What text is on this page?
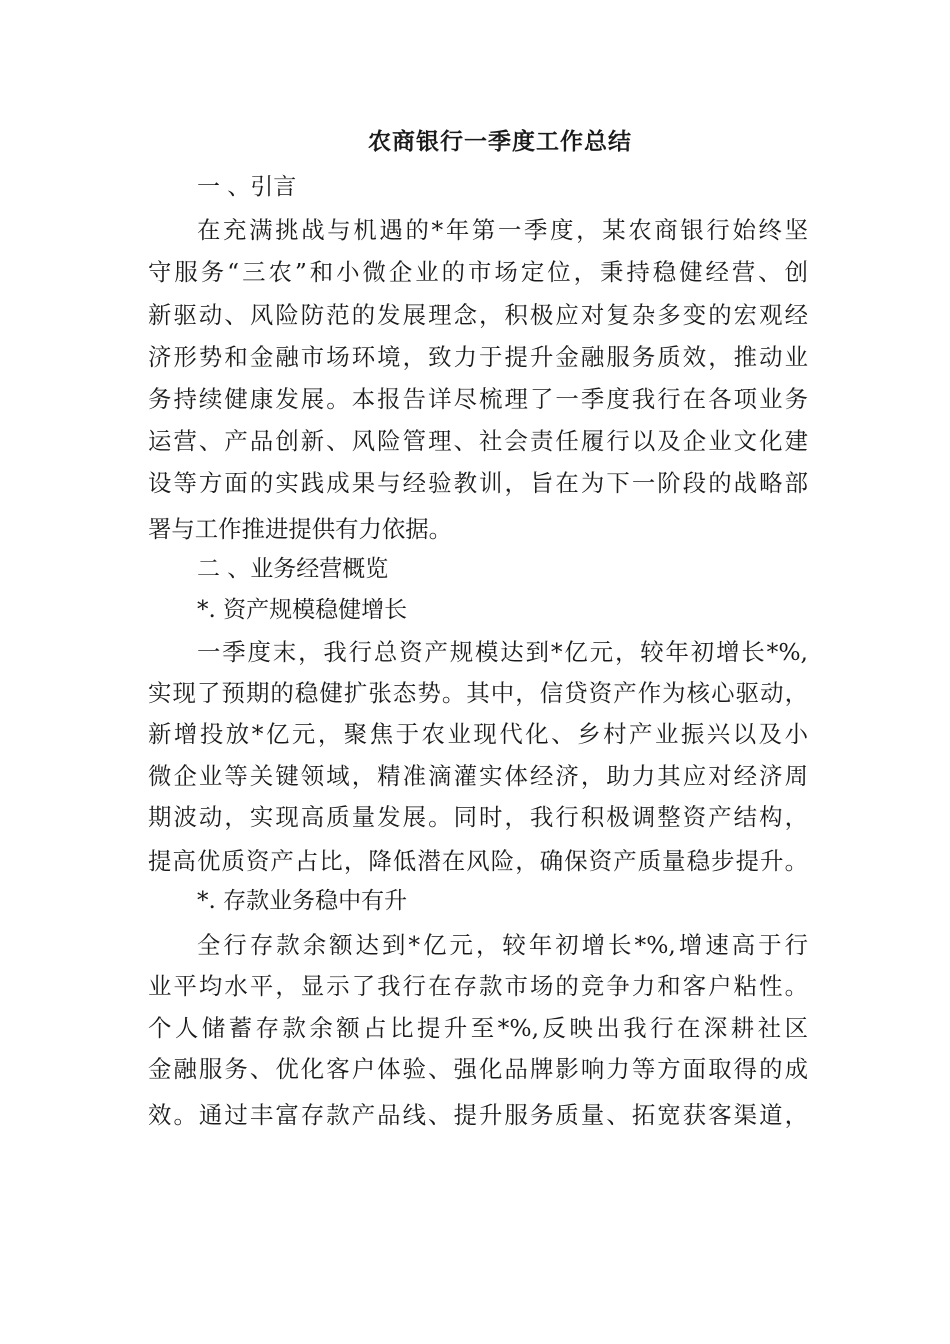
农商银行一季度工作总结
一 、引言
在充满挑战与机遇的*年第一季度，某农商银行始终坚
守服务“三农”和小微企业的市场定位，秉持稳健经营、创
新驱动、风险防范的发展理念，积极应对复杂多变的宏观经
济形势和金融市场环境，致力于提升金融服务质效，推动业
务持续健康发展。本报告详尽梳理了一季度我行在各项业务
运营、产品创新、风险管理、社会责任履行以及企业文化建
设等方面的实践成果与经验教训，旨在为下一阶段的战略部
署与工作推进提供有力依据。
二 、业务经营概览
*. 资产规模稳健增长
一季度末，我行总资产规模达到*亿元，较年初增长*%,
实现了预期的稳健扩张态势。其中，信贷资产作为核心驱动，
新增投放*亿元，聚焦于农业现代化、乡村产业振兴以及小
微企业等关键领域，精准滴灌实体经济，助力其应对经济周
期波动，实现高质量发展。同时，我行积极调整资产结构，
提高优质资产占比，降低潜在风险，确保资产质量稳步提升。
*. 存款业务稳中有升
全行存款余额达到*亿元，较年初增长*%,增速高于行
业平均水平，显示了我行在存款市场的竞争力和客户粘性。
个人储蓄存款余额占比提升至*%,反映出我行在深耕社区
金融服务、优化客户体验、强化品牌影响力等方面取得的成
效。通过丰富存款产品线、提升服务质量、拓宽获客渠道，
